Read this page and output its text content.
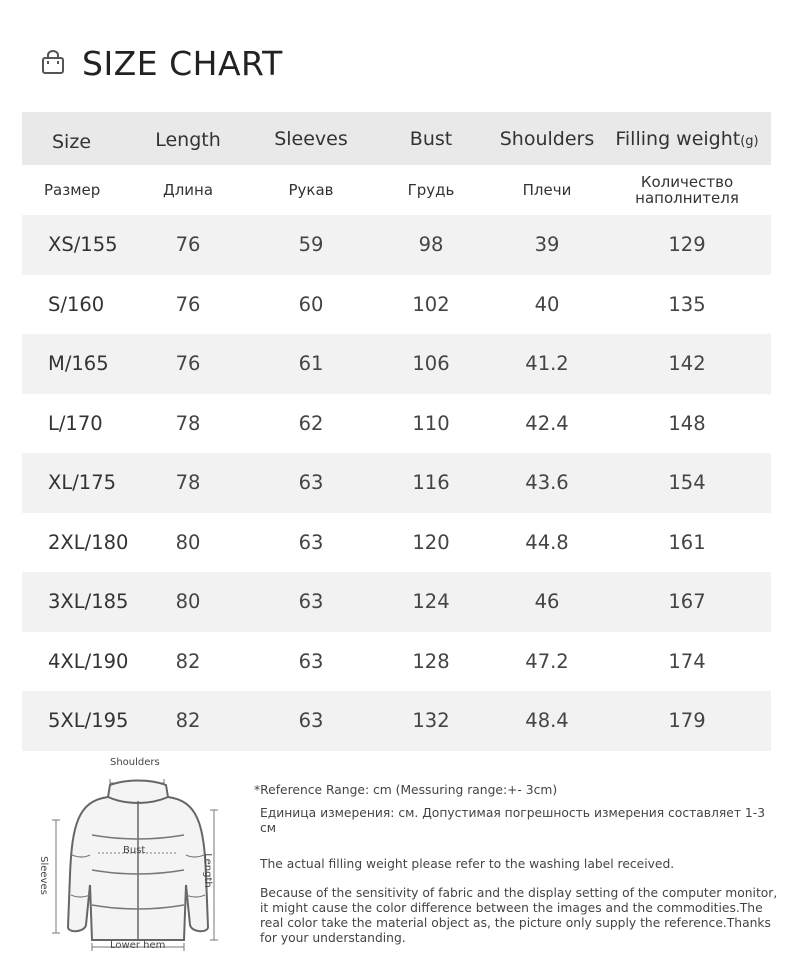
SIZE CHART
Size	Length	Sleeves	Bust	Shoulders	Filling weight(g)
Размер	Длина	Рукав	Грудь	Плечи	Количество наполнителя
XS/155	76	59	98	39	129
S/160	76	60	102	40	135
M/165	76	61	106	41.2	142
L/170	78	62	110	42.4	148
XL/175	78	63	116	43.6	154
2XL/180	80	63	120	44.8	161
3XL/185	80	63	124	46	167
4XL/190	82	63	128	47.2	174
5XL/195	82	63	132	48.4	179
Shoulders
Bust
Sleeves	Length
Lower hem

*Reference Range: cm (Messuring range:+- 3cm)

Единица измерения: см. Допустимая погрешность измерения составляет 1-3 см

The actual filling weight please refer to the washing label received.

Because of the sensitivity of fabric and the display setting of the computer monitor, it might cause the color difference between the images and the commodities.The real color take the material object as, the picture only supply the reference.Thanks for your understanding.
